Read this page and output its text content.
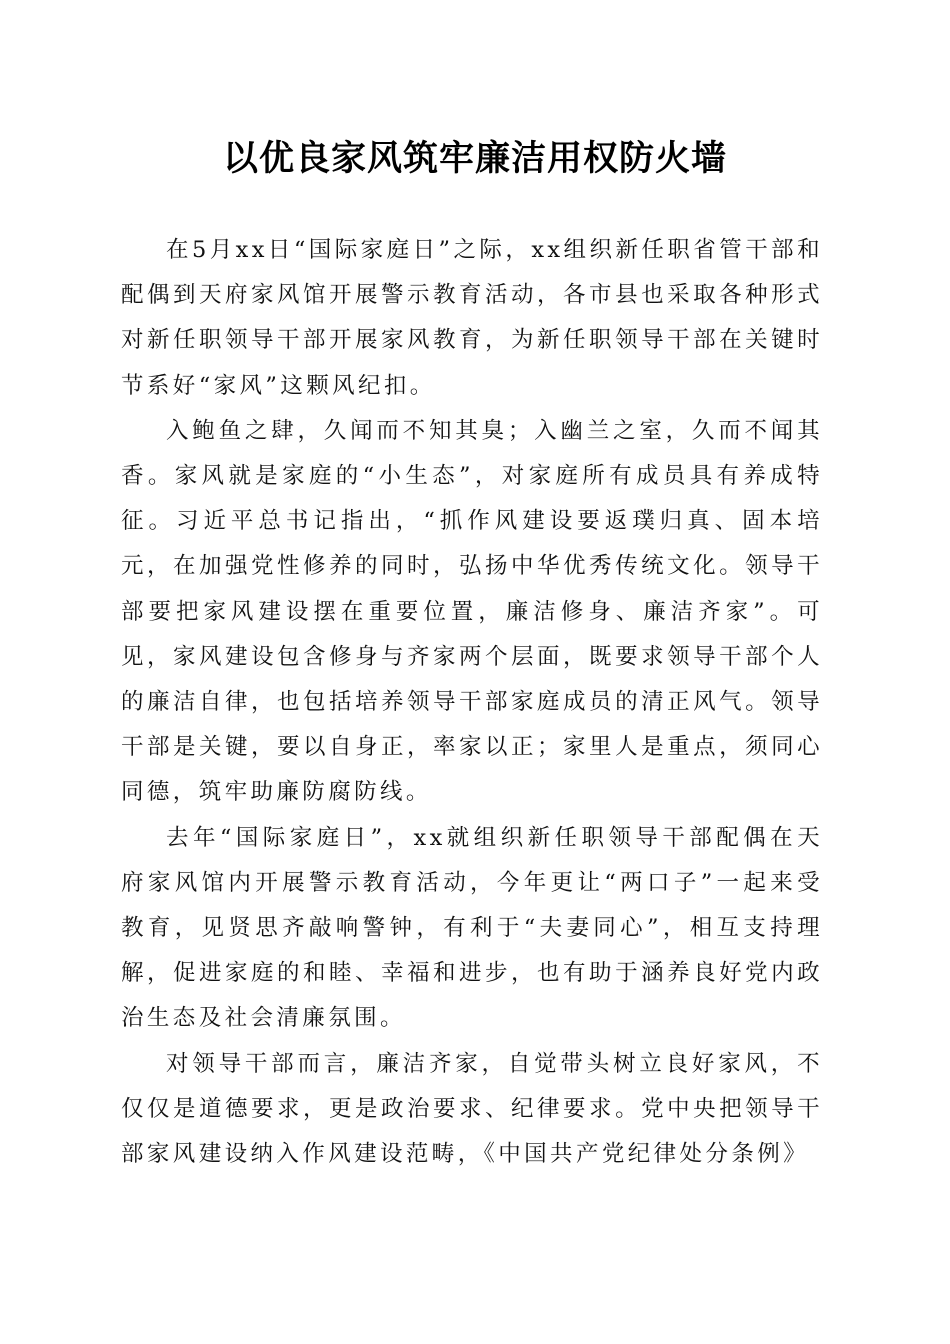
以优良家风筑牢廉洁用权防火墙

在5月xx日“国际家庭日”之际，xx组织新任职省管干部和配偶到天府家风馆开展警示教育活动，各市县也采取各种形式对新任职领导干部开展家风教育，为新任职领导干部在关键时节系好“家风”这颗风纪扣。

入鲍鱼之肆，久闻而不知其臭；入幽兰之室，久而不闻其香。家风就是家庭的“小生态”，对家庭所有成员具有养成特征。习近平总书记指出，“抓作风建设要返璞归真、固本培元，在加强党性修养的同时，弘扬中华优秀传统文化。领导干部要把家风建设摆在重要位置，廉洁修身、廉洁齐家”。可见，家风建设包含修身与齐家两个层面，既要求领导干部个人的廉洁自律，也包括培养领导干部家庭成员的清正风气。领导干部是关键，要以自身正，率家以正；家里人是重点，须同心同德，筑牢助廉防腐防线。

去年“国际家庭日”，xx就组织新任职领导干部配偶在天府家风馆内开展警示教育活动，今年更让“两口子”一起来受教育，见贤思齐敲响警钟，有利于“夫妻同心”，相互支持理解，促进家庭的和睦、幸福和进步，也有助于涵养良好党内政治生态及社会清廉氛围。

对领导干部而言，廉洁齐家，自觉带头树立良好家风，不仅仅是道德要求，更是政治要求、纪律要求。党中央把领导干部家风建设纳入作风建设范畴，《中国共产党纪律处分条例》
